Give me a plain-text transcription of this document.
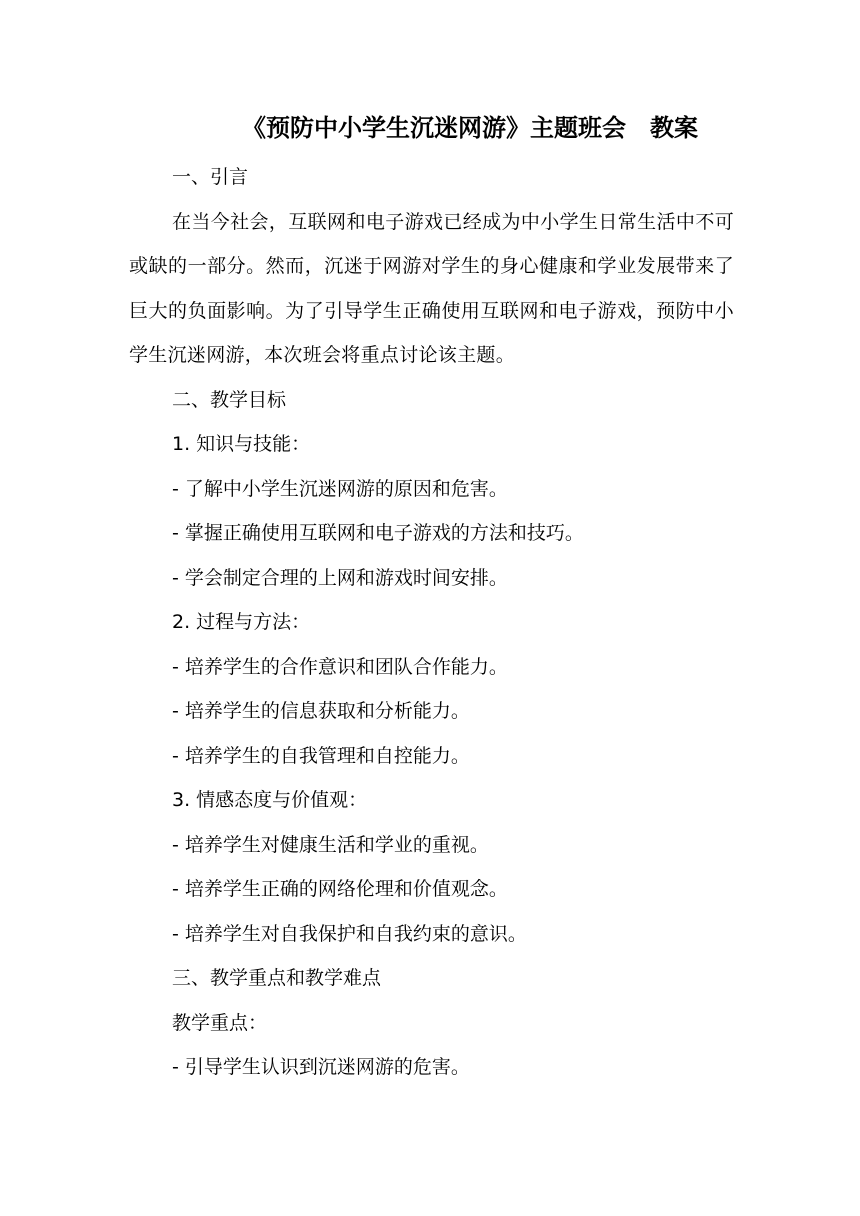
《预防中小学生沉迷网游》主题班会　教案

一、引言

在当今社会，互联网和电子游戏已经成为中小学生日常生活中不可或缺的一部分。然而，沉迷于网游对学生的身心健康和学业发展带来了巨大的负面影响。为了引导学生正确使用互联网和电子游戏，预防中小学生沉迷网游，本次班会将重点讨论该主题。

二、教学目标

1. 知识与技能：

- 了解中小学生沉迷网游的原因和危害。

- 掌握正确使用互联网和电子游戏的方法和技巧。

- 学会制定合理的上网和游戏时间安排。

2. 过程与方法：

- 培养学生的合作意识和团队合作能力。

- 培养学生的信息获取和分析能力。

- 培养学生的自我管理和自控能力。

3. 情感态度与价值观：

- 培养学生对健康生活和学业的重视。

- 培养学生正确的网络伦理和价值观念。

- 培养学生对自我保护和自我约束的意识。

三、教学重点和教学难点

教学重点：

- 引导学生认识到沉迷网游的危害。
